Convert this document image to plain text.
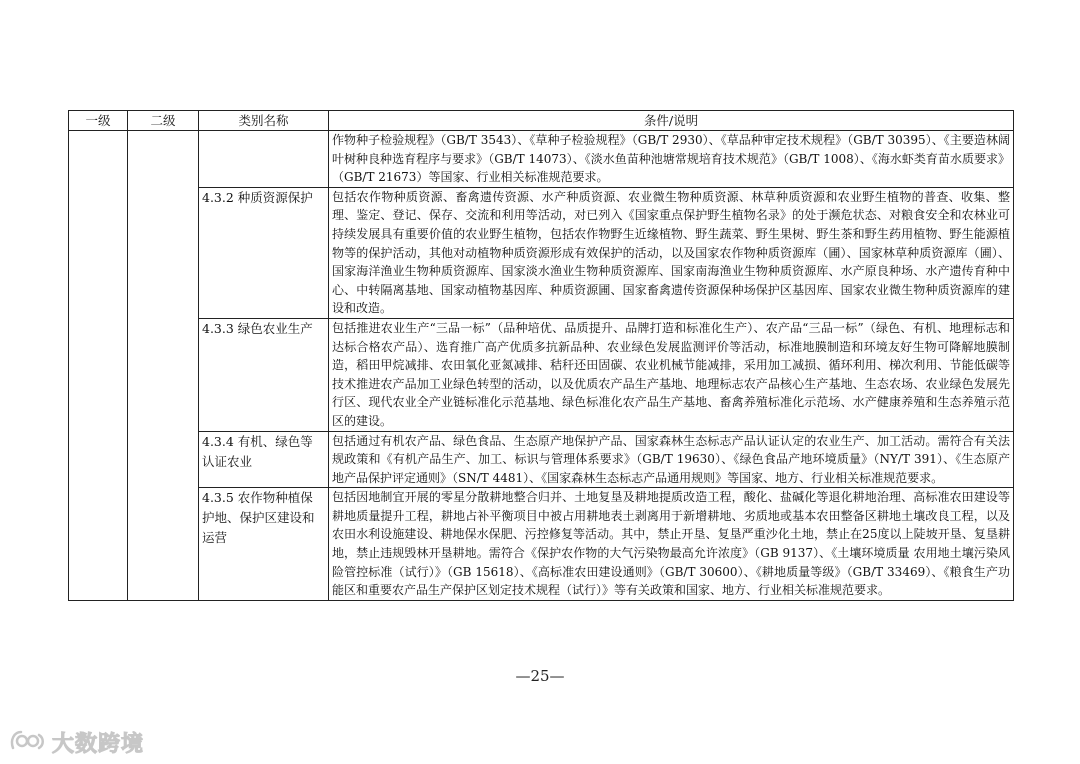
一级	二级	类别名称	条件/说明
			作物种子检验规程》（GB/T 3543）、《草种子检验规程》（GB/T 2930）、《草品种审定技术规程》（GB/T 30395）、《主要造林阔叶树种良种选育程序与要求》（GB/T 14073）、《淡水鱼苗种池塘常规培育技术规范》（GB/T 1008）、《海水虾类育苗水质要求》（GB/T 21673）等国家、行业相关标准规范要求。
		4.3.2 种质资源保护	包括农作物种质资源、畜禽遗传资源、水产种质资源、农业微生物种质资源、林草种质资源和农业野生植物的普查、收集、整理、鉴定、登记、保存、交流和利用等活动，对已列入《国家重点保护野生植物名录》的处于濒危状态、对粮食安全和农林业可持续发展具有重要价值的农业野生植物，包括农作物野生近缘植物、野生蔬菜、野生果树、野生茶和野生药用植物、野生能源植物等的保护活动，其他对动植物种质资源形成有效保护的活动，以及国家农作物种质资源库（圃）、国家林草种质资源库（圃）、国家海洋渔业生物种质资源库、国家淡水渔业生物种质资源库、国家南海渔业生物种质资源库、水产原良种场、水产遗传育种中心、中转隔离基地、国家动植物基因库、种质资源圃、国家畜禽遗传资源保种场保护区基因库、国家农业微生物种质资源库的建设和改造。
		4.3.3 绿色农业生产	包括推进农业生产“三品一标”（品种培优、品质提升、品牌打造和标准化生产）、农产品“三品一标”（绿色、有机、地理标志和达标合格农产品）、选育推广高产优质多抗新品种、农业绿色发展监测评价等活动，标准地膜制造和环境友好生物可降解地膜制造，稻田甲烷减排、农田氧化亚氮减排、秸秆还田固碳、农业机械节能减排，采用加工减损、循环利用、梯次利用、节能低碳等技术推进农产品加工业绿色转型的活动，以及优质农产品生产基地、地理标志农产品核心生产基地、生态农场、农业绿色发展先行区、现代农业全产业链标准化示范基地、绿色标准化农产品生产基地、畜禽养殖标准化示范场、水产健康养殖和生态养殖示范区的建设。
		4.3.4 有机、绿色等认证农业	包括通过有机农产品、绿色食品、生态原产地保护产品、国家森林生态标志产品认证认定的农业生产、加工活动。需符合有关法规政策和《有机产品生产、加工、标识与管理体系要求》（GB/T 19630）、《绿色食品产地环境质量》（NY/T 391）、《生态原产地产品保护评定通则》（SN/T 4481）、《国家森林生态标志产品通用规则》等国家、地方、行业相关标准规范要求。
		4.3.5 农作物种植保护地、保护区建设和运营	包括因地制宜开展的零星分散耕地整合归并、土地复垦及耕地提质改造工程，酸化、盐碱化等退化耕地治理、高标准农田建设等耕地质量提升工程，耕地占补平衡项目中被占用耕地表土剥离用于新增耕地、劣质地或基本农田整备区耕地土壤改良工程，以及农田水利设施建设、耕地保水保肥、污控修复等活动。其中，禁止开垦、复垦严重沙化土地，禁止在25度以上陡坡开垦、复垦耕地，禁止违规毁林开垦耕地。需符合《保护农作物的大气污染物最高允许浓度》（GB 9137）、《土壤环境质量 农用地土壤污染风险管控标准（试行）》（GB 15618）、《高标准农田建设通则》（GB/T 30600）、《耕地质量等级》（GB/T 33469）、《粮食生产功能区和重要农产品生产保护区划定技术规程（试行）》等有关政策和国家、地方、行业相关标准规范要求。
—25—
大数跨境
